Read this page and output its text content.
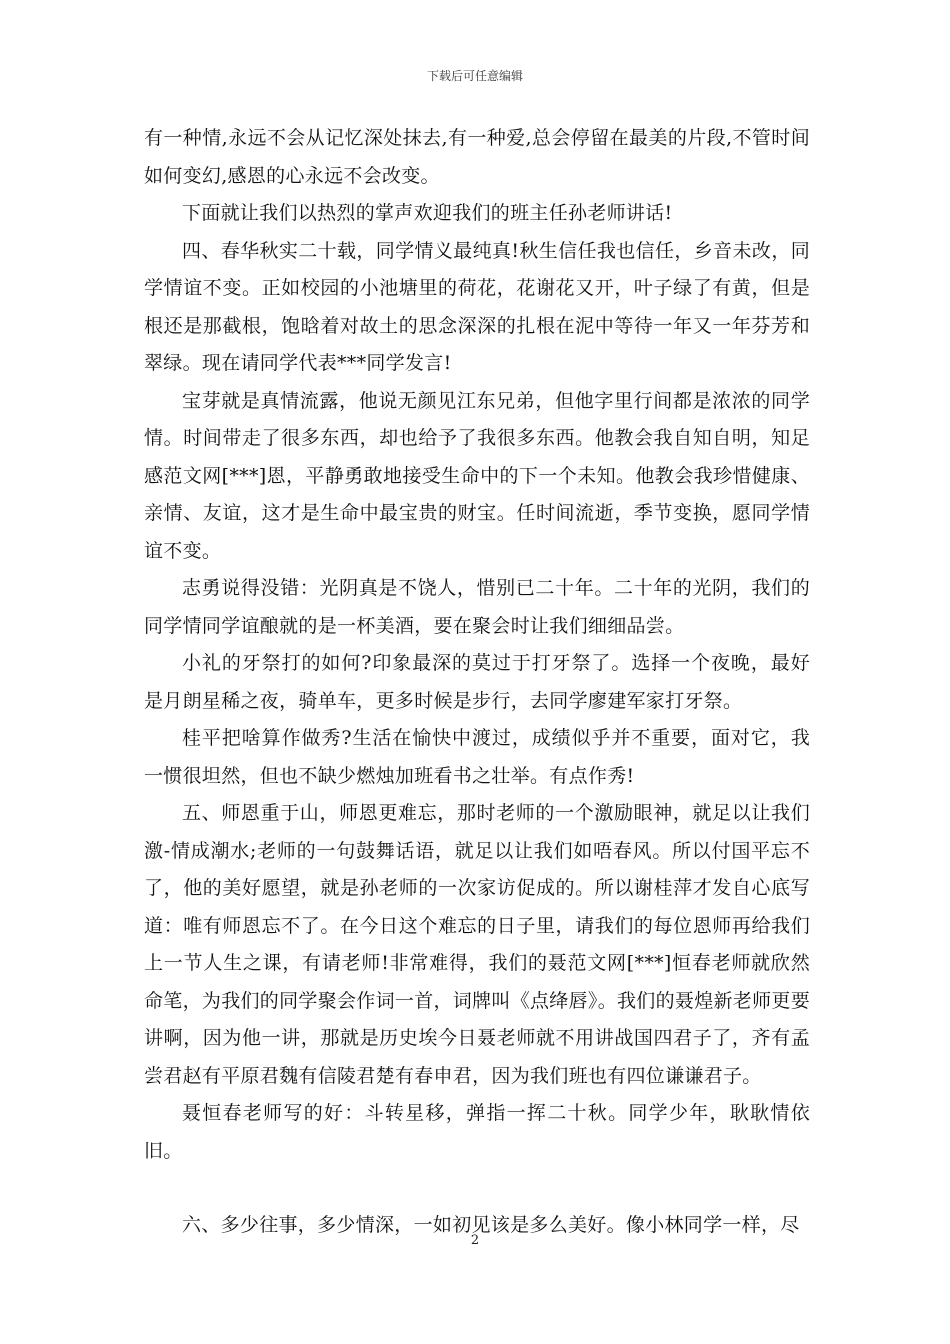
下载后可任意编辑

有一种情,永远不会从记忆深处抹去,有一种爱,总会停留在最美的片段,不管时间如何变幻,感恩的心永远不会改变。

下面就让我们以热烈的掌声欢迎我们的班主任孙老师讲话!

四、春华秋实二十载，同学情义最纯真!秋生信任我也信任，乡音未改，同学情谊不变。正如校园的小池塘里的荷花，花谢花又开，叶子绿了有黄，但是根还是那截根，饱晗着对故土的思念深深的扎根在泥中等待一年又一年芬芳和翠绿。现在请同学代表***同学发言!

宝芽就是真情流露，他说无颜见江东兄弟，但他字里行间都是浓浓的同学情。时间带走了很多东西，却也给予了我很多东西。他教会我自知自明，知足感范文网[***]恩，平静勇敢地接受生命中的下一个未知。他教会我珍惜健康、亲情、友谊，这才是生命中最宝贵的财宝。任时间流逝，季节变换，愿同学情谊不变。

志勇说得没错：光阴真是不饶人，惜别已二十年。二十年的光阴，我们的同学情同学谊酿就的是一杯美酒，要在聚会时让我们细细品尝。

小礼的牙祭打的如何?印象最深的莫过于打牙祭了。选择一个夜晚，最好是月朗星稀之夜，骑单车，更多时候是步行，去同学廖建军家打牙祭。

桂平把啥算作做秀?生活在愉快中渡过，成绩似乎并不重要，面对它，我一惯很坦然，但也不缺少燃烛加班看书之壮举。有点作秀!

五、师恩重于山，师恩更难忘，那时老师的一个激励眼神，就足以让我们激-情成潮水;老师的一句鼓舞话语，就足以让我们如唔春风。所以付国平忘不了，他的美好愿望，就是孙老师的一次家访促成的。所以谢桂萍才发自心底写道：唯有师恩忘不了。在今日这个难忘的日子里，请我们的每位恩师再给我们上一节人生之课，有请老师!非常难得，我们的聂范文网[***]恒春老师就欣然命笔，为我们的同学聚会作词一首，词牌叫《点绛唇》。我们的聂煌新老师更要讲啊，因为他一讲，那就是历史埃今日聂老师就不用讲战国四君子了，齐有孟尝君赵有平原君魏有信陵君楚有春申君，因为我们班也有四位谦谦君子。

聂恒春老师写的好：斗转星移，弹指一挥二十秋。同学少年，耿耿情依旧。

六、多少往事，多少情深，一如初见该是多么美好。像小林同学一样，尽

2
